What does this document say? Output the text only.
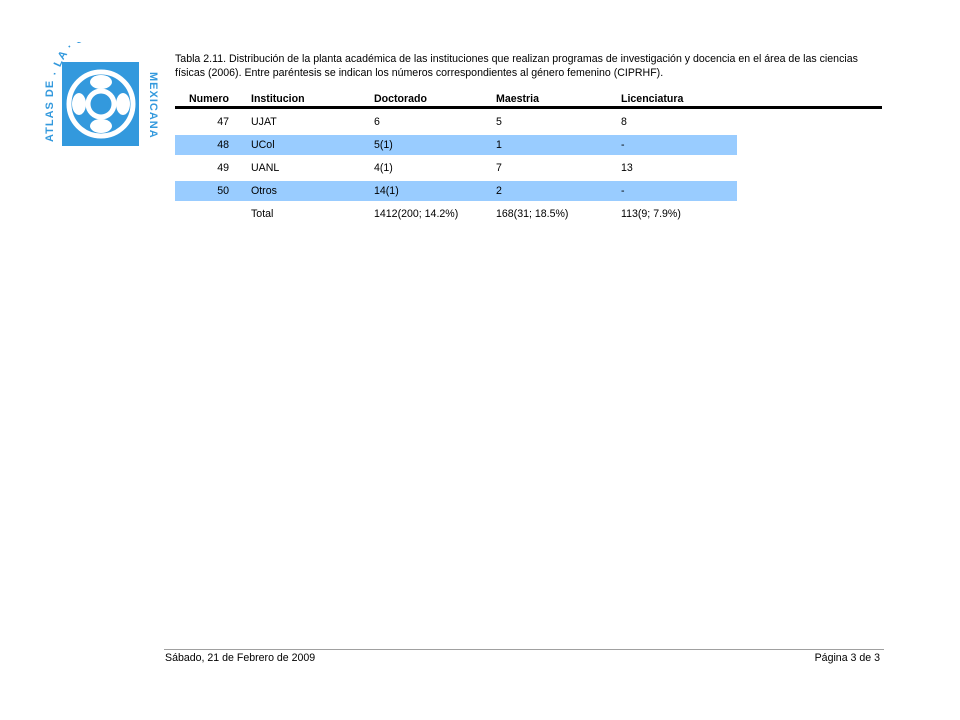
· LA ·
ATLAS DE	MEXICANA
Tabla 2.11. Distribución de la planta académica de las instituciones que realizan programas de investigación y docencia en el área de las ciencias físicas (2006). Entre paréntesis se indican los números correspondientes al género femenino (CIPRHF).
Numero		Institucion	Doctorado	Maestria	Licenciatura

47		UJAT	6	5	8

48		UCol	5(1)	1	-

49		UANL	4(1)	7	13

50		Otros	14(1)	2	-

		Total	1412(200; 14.2%)	168(31; 18.5%)	113(9; 7.9%)
Sábado, 21 de Febrero de 2009	Página 3 de 3
